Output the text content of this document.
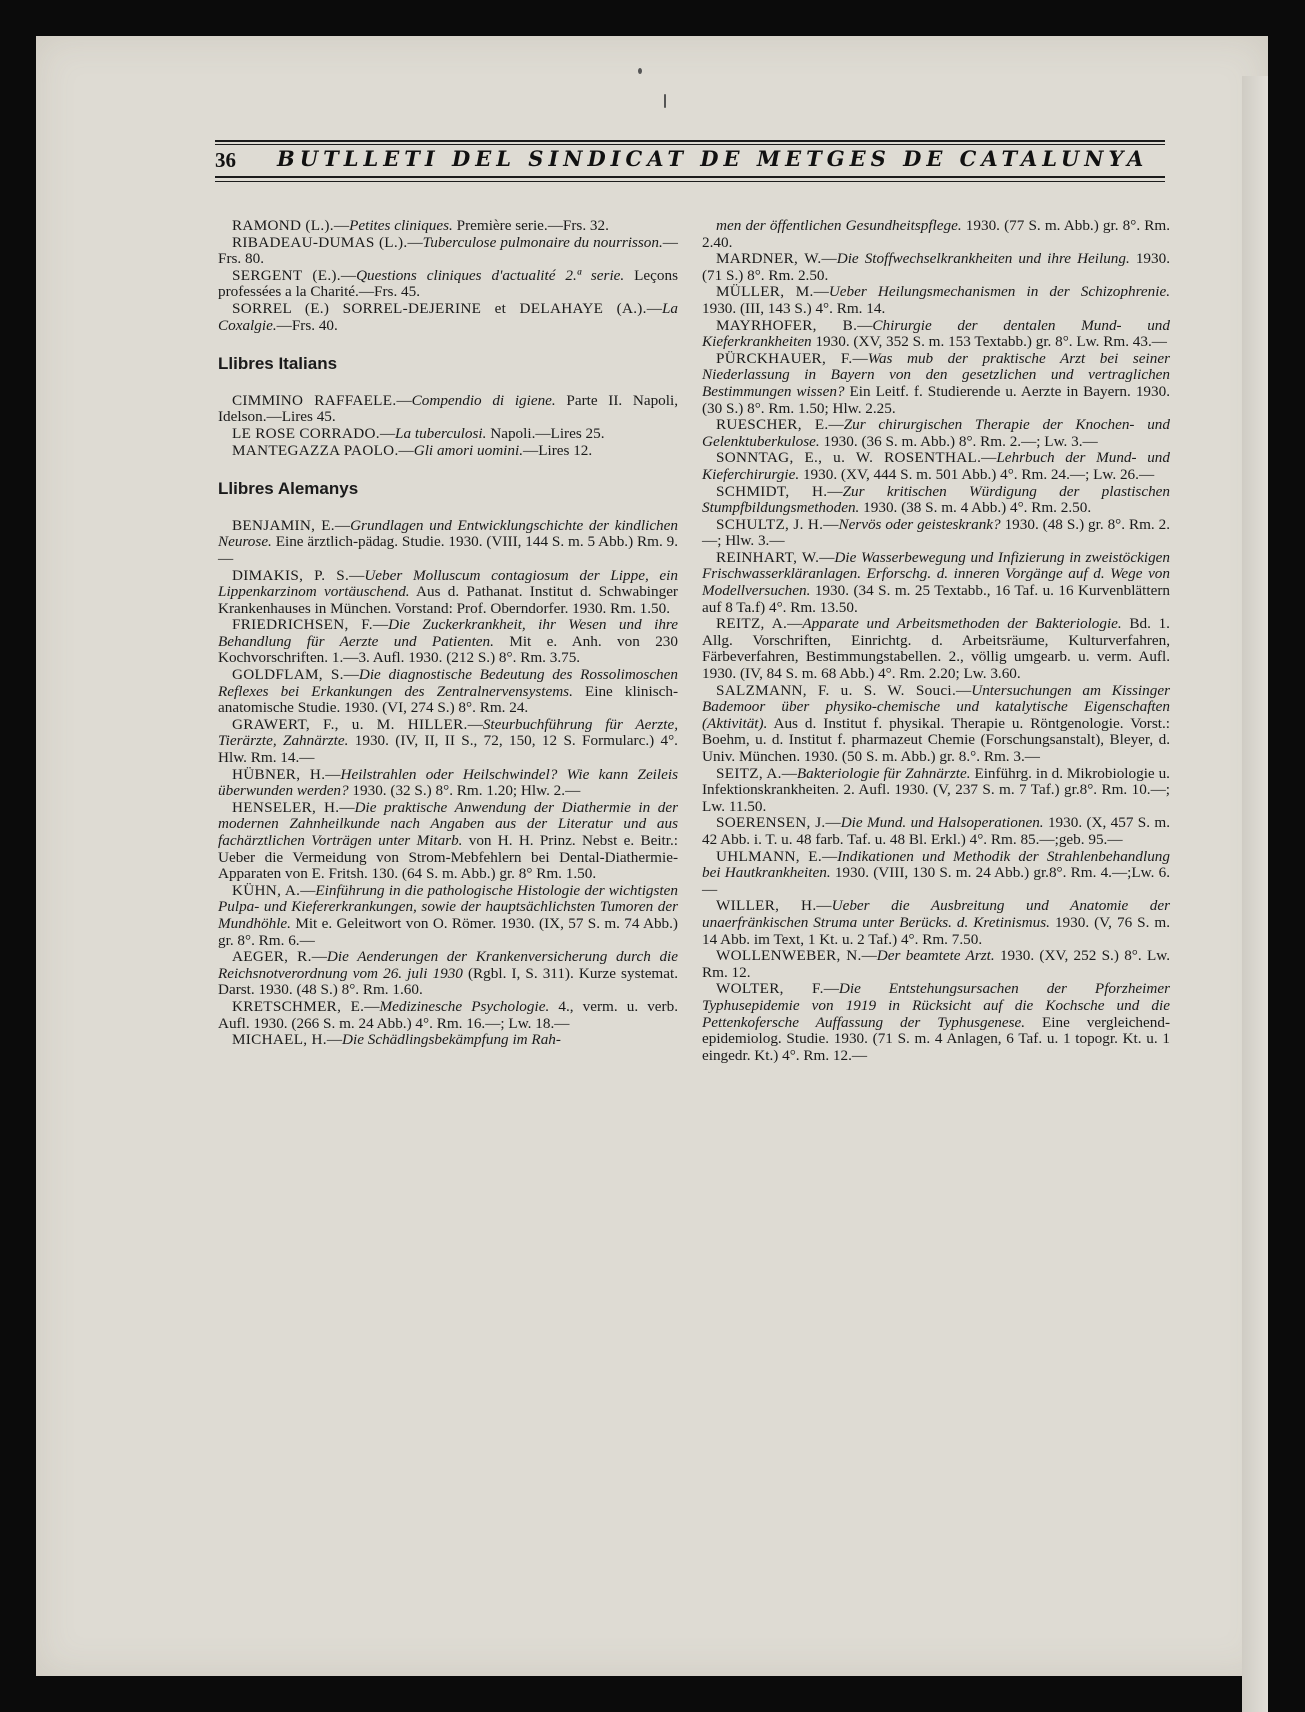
36 BUTLLETI DEL SINDICAT DE METGES DE CATALUNYA

RAMOND (L.).—Petites cliniques. Première serie.—Frs. 32.

RIBADEAU-DUMAS (L.).—Tuberculose pulmonaire du nourrisson.—Frs. 80.

SERGENT (E.).—Questions cliniques d'actualité 2.ª serie. Leçons professées a la Charité.—Frs. 45.

SORREL (E.) SORREL-DEJERINE et DELAHAYE (A.).—La Coxalgie.—Frs. 40.

Llibres Italians

CIMMINO RAFFAELE.—Compendio di igiene. Parte II. Napoli, Idelson.—Lires 45.

LE ROSE CORRADO.—La tuberculosi. Napoli.—Lires 25.

MANTEGAZZA PAOLO.—Gli amori uomini.—Lires 12.

Llibres Alemanys

BENJAMIN, E.—Grundlagen und Entwicklungschichte der kindlichen Neurose. Eine ärztlich-pädag. Studie. 1930. (VIII, 144 S. m. 5 Abb.) Rm. 9.—

DIMAKIS, P. S.—Ueber Molluscum contagiosum der Lippe, ein Lippenkarzinom vortäuschend. Aus d. Pathanat. Institut d. Schwabinger Krankenhauses in München. Vorstand: Prof. Oberndorfer. 1930. Rm. 1.50.

FRIEDRICHSEN, F.—Die Zuckerkrankheit, ihr Wesen und ihre Behandlung für Aerzte und Patienten. Mit e. Anh. von 230 Kochvorschriften. 1.—3. Aufl. 1930. (212 S.) 8°. Rm. 3.75.

GOLDFLAM, S.—Die diagnostische Bedeutung des Rossolimoschen Reflexes bei Erkankungen des Zentralnervensystems. Eine klinisch-anatomische Studie. 1930. (VI, 274 S.) 8°. Rm. 24.

GRAWERT, F., u. M. HILLER.—Steurbuchführung für Aerzte, Tierärzte, Zahnärzte. 1930. (IV, II, II S., 72, 150, 12 S. Formularc.) 4°. Hlw. Rm. 14.—

HÜBNER, H.—Heilstrahlen oder Heilschwindel? Wie kann Zeileis überwunden werden? 1930. (32 S.) 8°. Rm. 1.20; Hlw. 2.—

HENSELER, H.—Die praktische Anwendung der Diathermie in der modernen Zahnheilkunde nach Angaben aus der Literatur und aus fachärztlichen Vorträgen unter Mitarb. von H. H. Prinz. Nebst e. Beitr.: Ueber die Vermeidung von Strom-Mebfehlern bei Dental-Diathermie-Apparaten von E. Fritsh. 130. (64 S. m. Abb.) gr. 8° Rm. 1.50.

KÜHN, A.—Einführung in die pathologische Histologie der wichtigsten Pulpa- und Kiefererkrankungen, sowie der hauptsächlichsten Tumoren der Mundhöhle. Mit e. Geleitwort von O. Römer. 1930. (IX, 57 S. m. 74 Abb.) gr. 8°. Rm. 6.—

AEGER, R.—Die Aenderungen der Krankenversicherung durch die Reichsnotverordnung vom 26. juli 1930 (Rgbl. I, S. 311). Kurze systemat. Darst. 1930. (48 S.) 8°. Rm. 1.60.

KRETSCHMER, E.—Medizinesche Psychologie. 4., verm. u. verb. Aufl. 1930. (266 S. m. 24 Abb.) 4°. Rm. 16.—; Lw. 18.—

MICHAEL, H.—Die Schädlingsbekämpfung im Rah-

men der öffentlichen Gesundheitspflege. 1930. (77 S. m. Abb.) gr. 8°. Rm. 2.40.

MARDNER, W.—Die Stoffwechselkrankheiten und ihre Heilung. 1930. (71 S.) 8°. Rm. 2.50.

MÜLLER, M.—Ueber Heilungsmechanismen in der Schizophrenie. 1930. (III, 143 S.) 4°. Rm. 14.

MAYRHOFER, B.—Chirurgie der dentalen Mund- und Kieferkrankheiten 1930. (XV, 352 S. m. 153 Textabb.) gr. 8°. Lw. Rm. 43.—

PÜRCKHAUER, F.—Was mub der praktische Arzt bei seiner Niederlassung in Bayern von den gesetzlichen und vertraglichen Bestimmungen wissen? Ein Leitf. f. Studierende u. Aerzte in Bayern. 1930. (30 S.) 8°. Rm. 1.50; Hlw. 2.25.

RUESCHER, E.—Zur chirurgischen Therapie der Knochen- und Gelenktuberkulose. 1930. (36 S. m. Abb.) 8°. Rm. 2.—; Lw. 3.—

SONNTAG, E., u. W. ROSENTHAL.—Lehrbuch der Mund- und Kieferchirurgie. 1930. (XV, 444 S. m. 501 Abb.) 4°. Rm. 24.—; Lw. 26.—

SCHMIDT, H.—Zur kritischen Würdigung der plastischen Stumpfbildungsmethoden. 1930. (38 S. m. 4 Abb.) 4°. Rm. 2.50.

SCHULTZ, J. H.—Nervös oder geisteskrank? 1930. (48 S.) gr. 8°. Rm. 2.—; Hlw. 3.—

REINHART, W.—Die Wasserbewegung und Infizierung in zweistöckigen Frischwasserkläranlagen. Erforschg. d. inneren Vorgänge auf d. Wege von Modellversuchen. 1930. (34 S. m. 25 Textabb., 16 Taf. u. 16 Kurvenblättern auf 8 Ta.f) 4°. Rm. 13.50.

REITZ, A.—Apparate und Arbeitsmethoden der Bakteriologie. Bd. 1. Allg. Vorschriften, Einrichtg. d. Arbeitsräume, Kulturverfahren, Färbeverfahren, Bestimmungstabellen. 2., völlig umgearb. u. verm. Aufl. 1930. (IV, 84 S. m. 68 Abb.) 4°. Rm. 2.20; Lw. 3.60.

SALZMANN, F. u. S. W. Souci.—Untersuchungen am Kissinger Bademoor über physiko-chemische und katalytische Eigenschaften (Aktivität). Aus d. Institut f. physikal. Therapie u. Röntgenologie. Vorst.: Boehm, u. d. Institut f. pharmazeut Chemie (Forschungsanstalt), Bleyer, d. Univ. München. 1930. (50 S. m. Abb.) gr. 8.°. Rm. 3.—

SEITZ, A.—Bakteriologie für Zahnärzte. Einführg. in d. Mikrobiologie u. Infektionskrankheiten. 2. Aufl. 1930. (V, 237 S. m. 7 Taf.) gr.8°. Rm. 10.—; Lw. 11.50.

SOERENSEN, J.—Die Mund. und Halsoperationen. 1930. (X, 457 S. m. 42 Abb. i. T. u. 48 farb. Taf. u. 48 Bl. Erkl.) 4°. Rm. 85.—;geb. 95.—

UHLMANN, E.—Indikationen und Methodik der Strahlenbehandlung bei Hautkrankheiten. 1930. (VIII, 130 S. m. 24 Abb.) gr.8°. Rm. 4.—;Lw. 6.—

WILLER, H.—Ueber die Ausbreitung und Anatomie der unaerfränkischen Struma unter Berücks. d. Kretinismus. 1930. (V, 76 S. m. 14 Abb. im Text, 1 Kt. u. 2 Taf.) 4°. Rm. 7.50.

WOLLENWEBER, N.—Der beamtete Arzt. 1930. (XV, 252 S.) 8°. Lw. Rm. 12.

WOLTER, F.—Die Entstehungsursachen der Pforzheimer Typhusepidemie von 1919 in Rücksicht auf die Kochsche und die Pettenkofersche Auffassung der Typhusgenese. Eine vergleichend-epidemiolog. Studie. 1930. (71 S. m. 4 Anlagen, 6 Taf. u. 1 topogr. Kt. u. 1 eingedr. Kt.) 4°. Rm. 12.—
